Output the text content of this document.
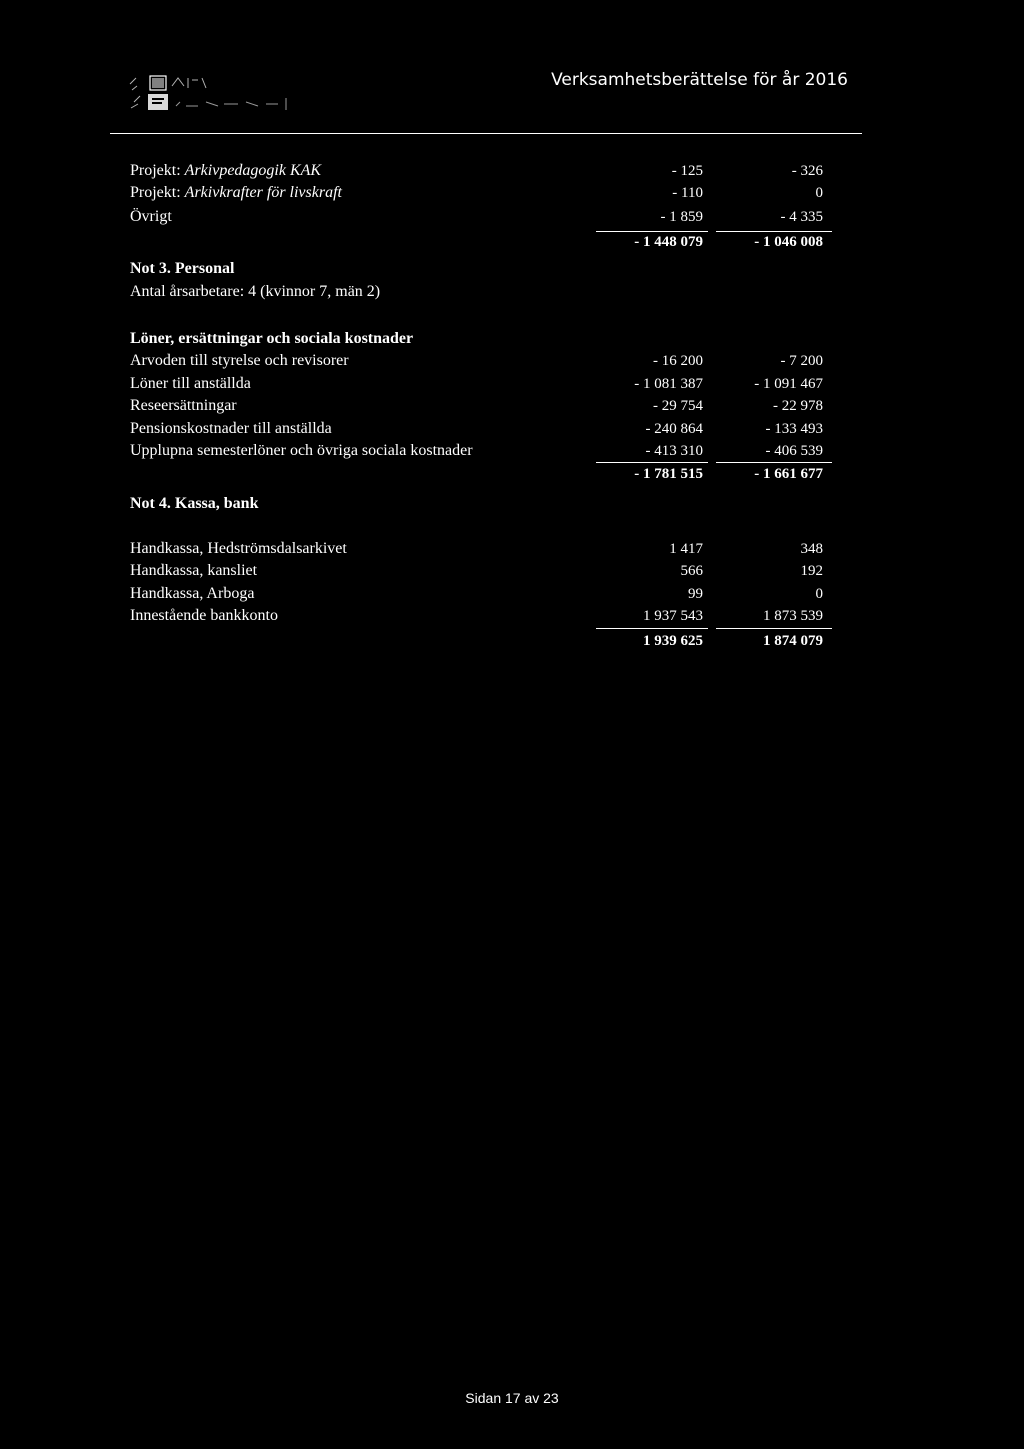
Verksamhetsberättelse för år 2016
Projekt: Arkivpedagogik KAK	- 125	- 326
Projekt: Arkivkrafter för livskraft	- 110	0
Övrigt	- 1 859	- 4 335
- 1 448 079	- 1 046 008
Not 3. Personal
Antal årsarbetare: 4 (kvinnor 7, män 2)
Löner, ersättningar och sociala kostnader
Arvoden till styrelse och revisorer	- 16 200	- 7 200
Löner till anställda	- 1 081 387	- 1 091 467
Reseersättningar	- 29 754	- 22 978
Pensionskostnader till anställda	- 240 864	- 133 493
Upplupna semesterlöner och övriga sociala kostnader	- 413 310	- 406 539
- 1 781 515	- 1 661 677
Not 4. Kassa, bank
Handkassa, Hedströmsdalsarkivet	1 417	348
Handkassa, kansliet	566	192
Handkassa, Arboga	99	0
Innestående bankkonto	1 937 543	1 873 539
1 939 625	1 874 079
Sidan 17 av 23
